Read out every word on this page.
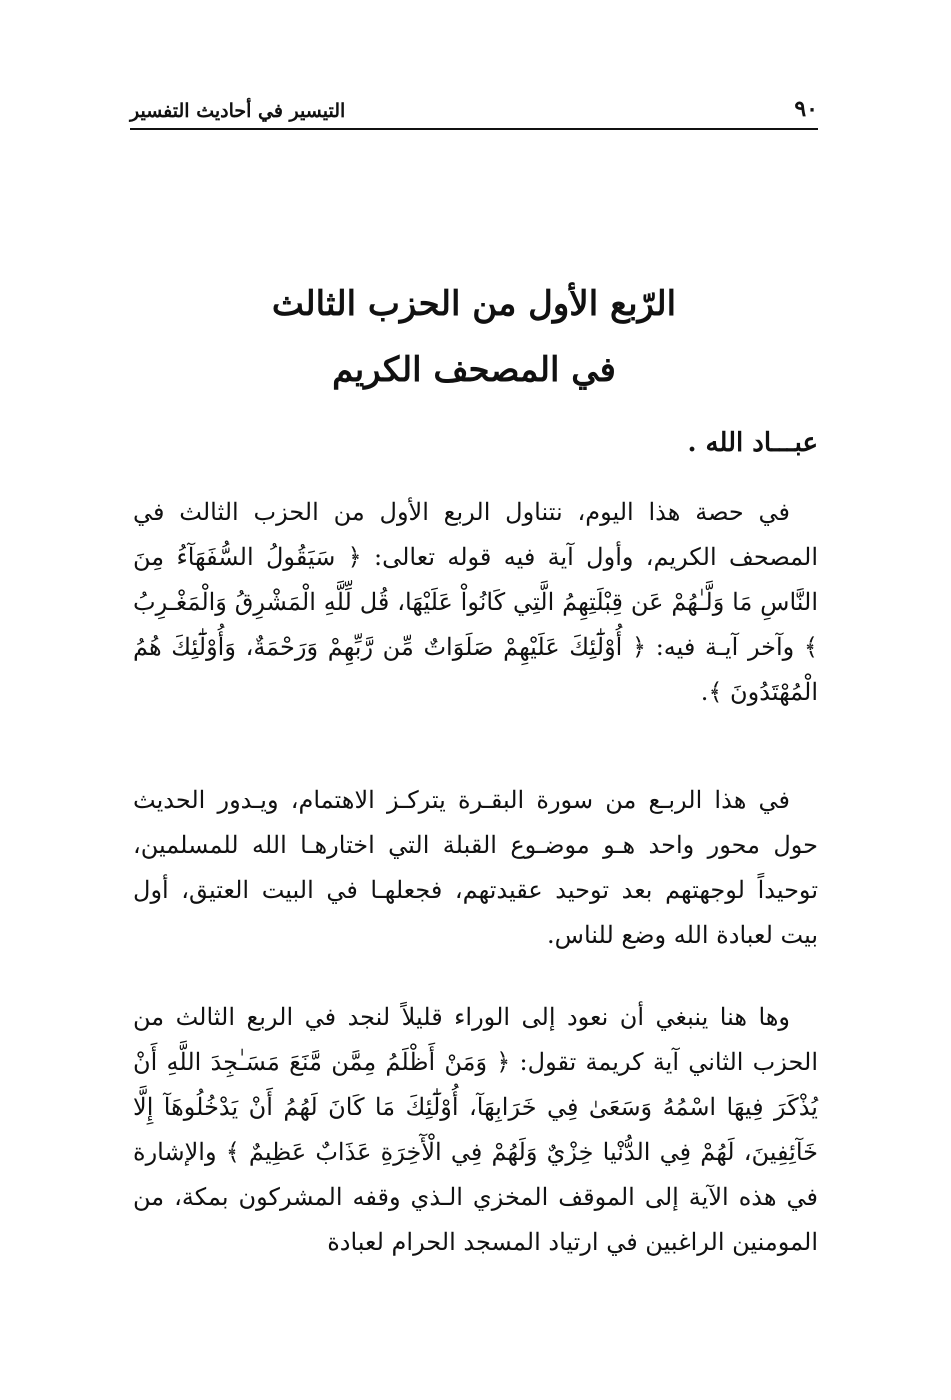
التيسير في أحاديث التفسير	٩٠
الرّبع الأول من الحزب الثالث
في المصحف الكريم
عبـــاد الله .

في حصة هذا اليوم، نتناول الربع الأول من الحزب الثالث في المصحف الكريم، وأول آية فيه قوله تعالى: ﴿ سَيَقُولُ السُّفَهَآءُ مِنَ النَّاسِ مَا وَلَّـٰهُمْ عَن قِبْلَتِهِمُ الَّتِي كَانُواْ عَلَيْهَا، قُل لِّلَّهِ الْمَشْرِقُ وَالْمَغْـرِبُ ﴾ وآخر آيـة فيه: ﴿ أُوْلَٰٓئِكَ عَلَيْهِمْ صَلَوَاتٌ مِّن رَّبِّهِمْ وَرَحْمَةٌ، وَأُوْلَٰٓئِكَ هُمُ الْمُهْتَدُونَ ﴾.

في هذا الربـع من سورة البقـرة يتركـز الاهتمام، ويـدور الحديث حول محور واحد هـو موضـوع القبلة التي اختارهـا الله للمسلمين، توحيداً لوجهتهم بعد توحيد عقيدتهم، فجعلهـا في البيت العتيق، أول بيت لعبادة الله وضع للناس.

وها هنا ينبغي أن نعود إلى الوراء قليلاً لنجد في الربع الثالث من الحزب الثاني آية كريمة تقول: ﴿ وَمَنْ أَظْلَمُ مِمَّن مَّنَعَ مَسَـٰجِدَ اللَّهِ أَنْ يُذْكَرَ فِيهَا اسْمُهُ وَسَعَىٰ فِي خَرَابِهَآ، أُوْلَٰٓئِكَ مَا كَانَ لَهُمُ أَنْ يَدْخُلُوهَآ إِلَّا خَآئِفِينَ، لَهُمْ فِي الدُّنْيا خِزْيٌ وَلَهُمْ فِي الْأٓخِرَةِ عَذَابٌ عَظِيمٌ ﴾ والإشارة في هذه الآية إلى الموقف المخزي الـذي وقفه المشركون بمكة، من المومنين الراغبين في ارتياد المسجد الحرام لعبادة
